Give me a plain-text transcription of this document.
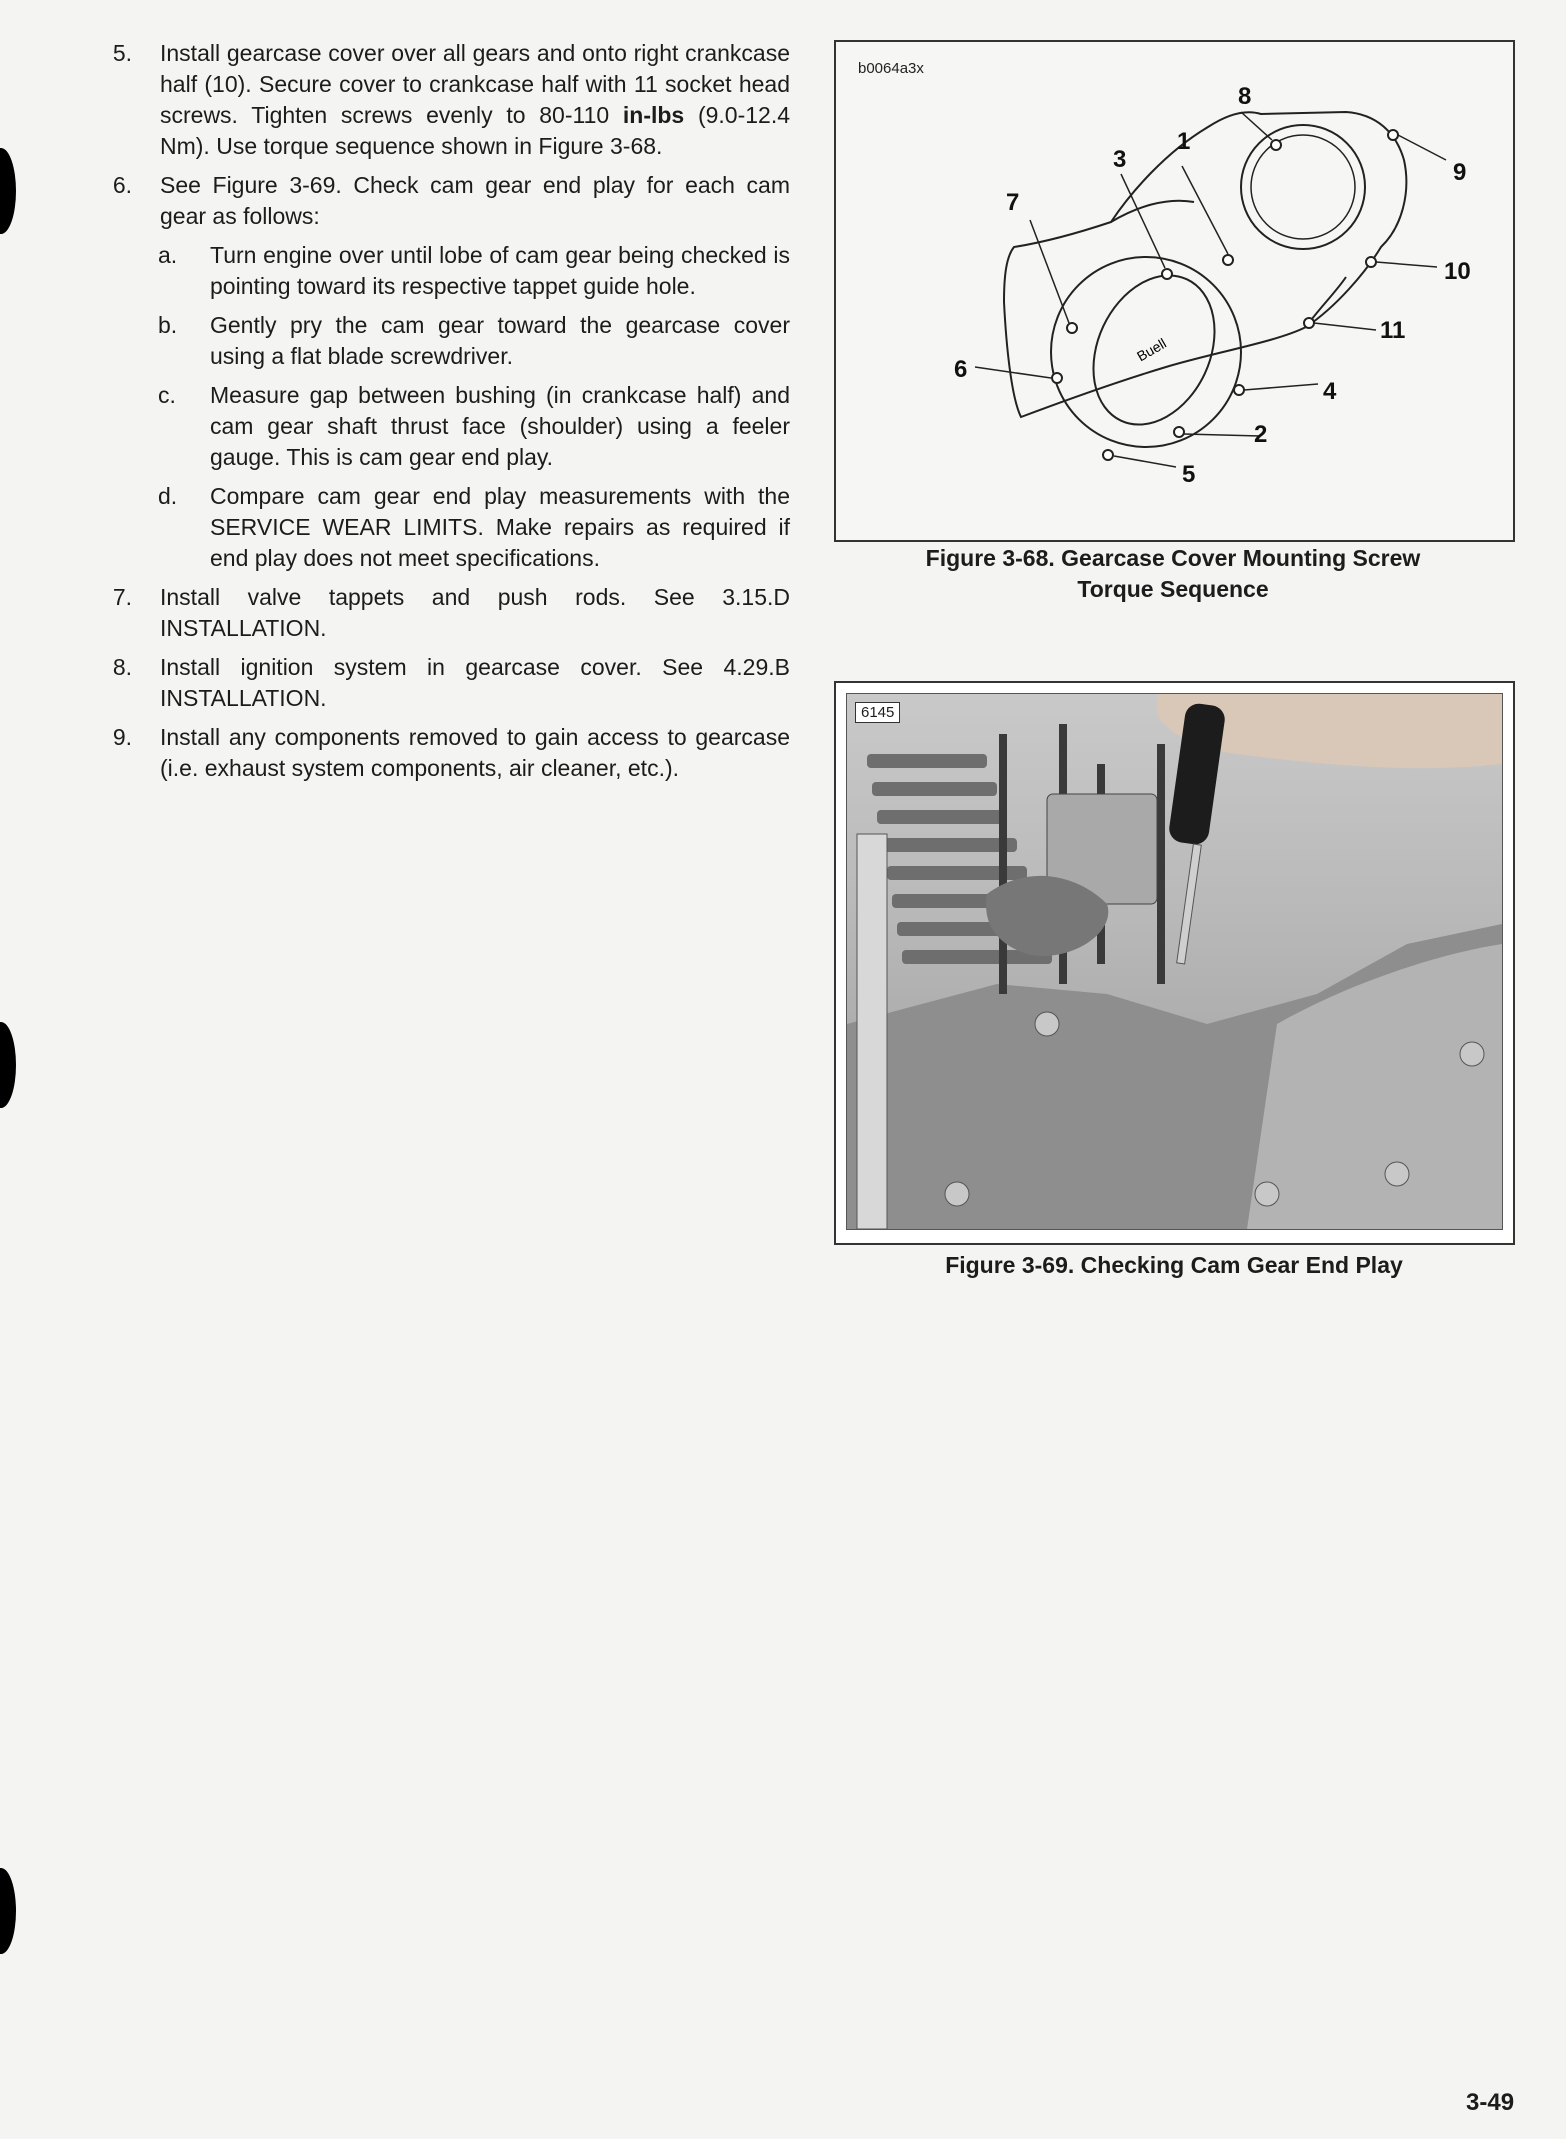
5. Install gearcase cover over all gears and onto right crankcase half (10). Secure cover to crankcase half with 11 socket head screws. Tighten screws evenly to 80-110 in-lbs (9.0-12.4 Nm). Use torque sequence shown in Figure 3-68.
6. See Figure 3-69. Check cam gear end play for each cam gear as follows:
a. Turn engine over until lobe of cam gear being checked is pointing toward its respective tappet guide hole.
b. Gently pry the cam gear toward the gearcase cover using a flat blade screwdriver.
c. Measure gap between bushing (in crankcase half) and cam gear shaft thrust face (shoulder) using a feeler gauge. This is cam gear end play.
d. Compare cam gear end play measurements with the SERVICE WEAR LIMITS. Make repairs as required if end play does not meet specifications.
7. Install valve tappets and push rods. See 3.15.D INSTALLATION.
8. Install ignition system in gearcase cover. See 4.29.B INSTALLATION.
9. Install any components removed to gain access to gearcase (i.e. exhaust system components, air cleaner, etc.).
b0064a3x
Buell
1
2
3
4
5
6
7
8
9
10
11
Figure 3-68. Gearcase Cover Mounting Screw
Torque Sequence
6145
Figure 3-69. Checking Cam Gear End Play
3-49
